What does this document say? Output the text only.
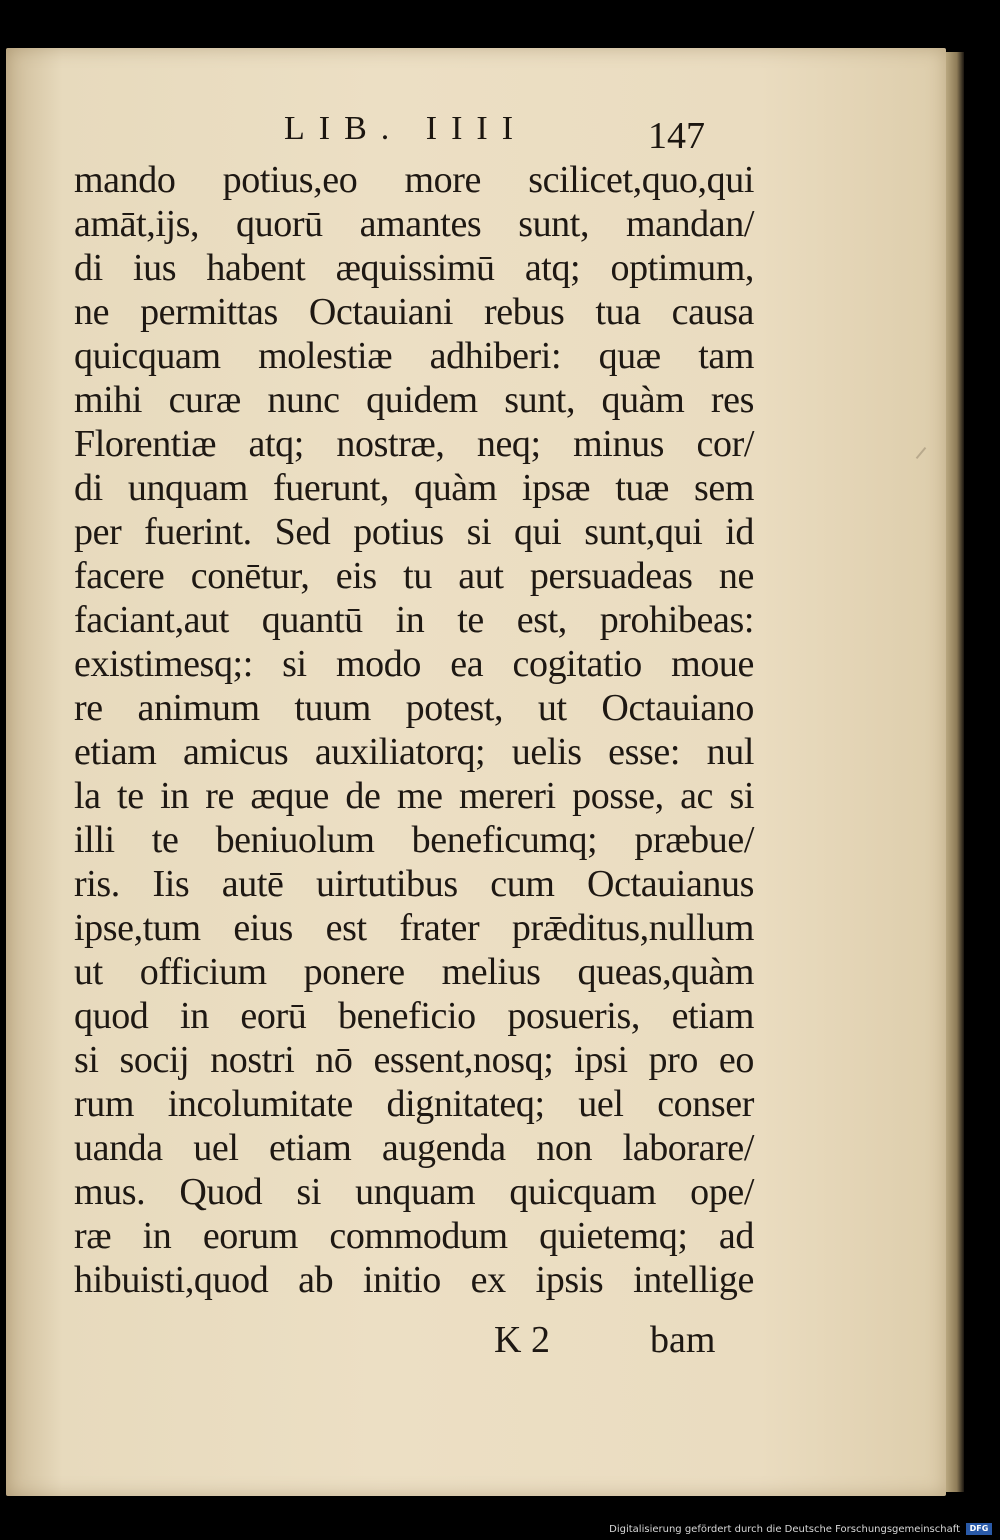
LIB. IIII	147
mando potius,eo more scilicet,quo,qui
amāt,ijs, quorū amantes sunt, mandan/
di ius habent æquissimū atq; optimum,
ne permittas Octauiani rebus tua causa
quicquam molestiæ adhiberi: quæ tam
mihi curæ nunc quidem sunt, quàm res
Florentiæ atq; nostræ, neq; minus cor/
di unquam fuerunt, quàm ipsæ tuæ sem
per fuerint. Sed potius si qui sunt,qui id
facere conētur, eis tu aut persuadeas ne
faciant,aut quantū in te est, prohibeas:
existimesq;: si modo ea cogitatio moue
re animum tuum potest, ut Octauiano
etiam amicus auxiliatorq; uelis esse: nul
la te in re æque de me mereri posse, ac si
illi te beniuolum beneficumq; præbue/
ris. Iis autē uirtutibus cum Octauianus
ipse,tum eius est frater prǣditus,nullum
ut officium ponere melius queas,quàm
quod in eorū beneficio posueris, etiam
si socij nostri nō essent,nosq; ipsi pro eo
rum incolumitate dignitateq; uel conser
uanda uel etiam augenda non laborare/
mus. Quod si unquam quicquam ope/
ræ in eorum commodum quietemq; ad
hibuisti,quod ab initio ex ipsis intellige
K 2	bam
Digitalisierung gefördert durch die Deutsche Forschungsgemeinschaft	DFG
